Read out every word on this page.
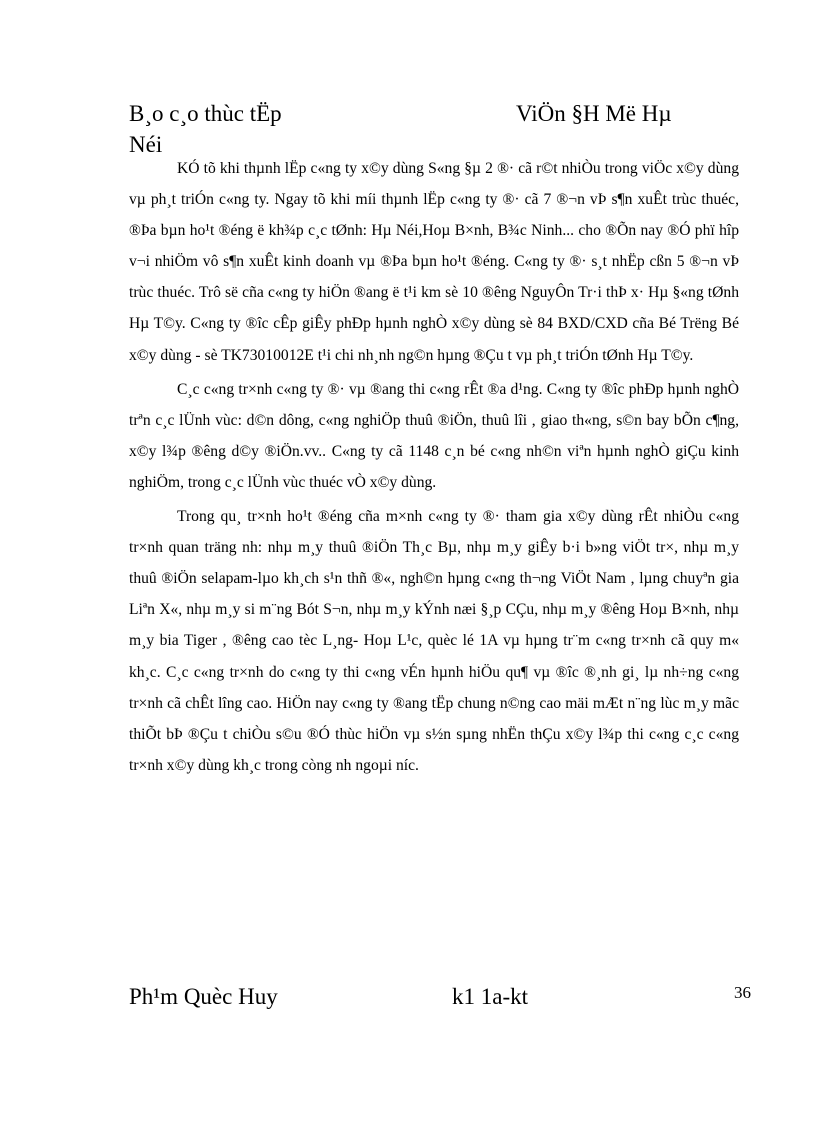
B¸o c¸o thùc tËp
Néi
ViÖn §H Më Hµ

KÓ tõ khi thµnh lËp c«ng ty x©y dùng S«ng §µ 2 ®· cã r©t nhiÒu trong viÖc x©y dùng vµ ph¸t triÓn c«ng ty. Ngay tõ khi míi thµnh lËp c«ng ty ®· cã 7 ®¬n vÞ s¶n xuÊt trùc thuéc, ®Þa bµn ho¹t ®éng ë kh¾p c¸c tØnh: Hµ Néi,Hoµ B×nh, B¾c Ninh... cho ®Õn nay ®Ó phï hîp v¬i nhiÖm vô s¶n xuÊt kinh doanh vµ ®Þa bµn ho¹t ®éng. C«ng ty ®· s¸t nhËp cßn 5 ®¬n vÞ trùc thuéc. Trô së cña c«ng ty hiÖn ®ang ë t¹i km sè 10 ®êng NguyÔn Tr·i thÞ x· Hµ §«ng tØnh Hµ T©y. C«ng ty ®îc cÊp giÊy phÐp hµnh nghÒ x©y dùng sè 84 BXD/CXD cña Bé Trëng Bé x©y dùng - sè TK73010012E t¹i chi nh¸nh ng©n hµng ®Çu t vµ ph¸t triÓn tØnh Hµ T©y.

C¸c c«ng tr×nh c«ng ty ®· vµ ®ang thi c«ng rÊt ®a d¹ng. C«ng ty ®îc phÐp hµnh nghÒ trªn c¸c lÜnh vùc: d©n dông, c«ng nghiÖp thuû ®iÖn, thuû lîi , giao th«ng, s©n bay bÕn c¶ng, x©y l¾p ®êng d©y ®iÖn.vv.. C«ng ty cã 1148 c¸n bé c«ng nh©n viªn hµnh nghÒ giÇu kinh nghiÖm, trong c¸c lÜnh vùc thuéc vÒ x©y dùng.

Trong qu¸ tr×nh ho¹t ®éng cña m×nh c«ng ty ®· tham gia x©y dùng rÊt nhiÒu c«ng tr×nh quan träng nh: nhµ m¸y thuû ®iÖn Th¸c Bµ, nhµ m¸y giÊy b·i b»ng viÖt tr×, nhµ m¸y thuû ®iÖn selapam-lµo kh¸ch s¹n thñ ®«, ngh©n hµng c«ng th¬ng ViÖt Nam , lµng chuyªn gia Liªn X«, nhµ m¸y si m¨ng Bót S¬n, nhµ m¸y kÝnh næi §¸p CÇu, nhµ m¸y ®êng Hoµ B×nh, nhµ m¸y bia Tiger , ®êng cao tèc L¸ng- Hoµ L¹c, quèc lé 1A vµ hµng tr¨m c«ng tr×nh cã quy m« kh¸c. C¸c c«ng tr×nh do c«ng ty thi c«ng vÉn hµnh hiÖu qu¶ vµ ®îc ®¸nh gi¸ lµ nh÷ng c«ng tr×nh cã chÊt lîng cao. HiÖn nay c«ng ty ®ang tËp chung n©ng cao mäi mÆt n¨ng lùc m¸y mãc thiÕt bÞ ®Çu t chiÒu s©u ®Ó thùc hiÖn vµ s½n sµng nhËn thÇu x©y l¾p thi c«ng c¸c c«ng tr×nh x©y dùng kh¸c trong còng nh ngoµi níc.

Ph¹m Quèc Huy	k1 1a-kt	36
